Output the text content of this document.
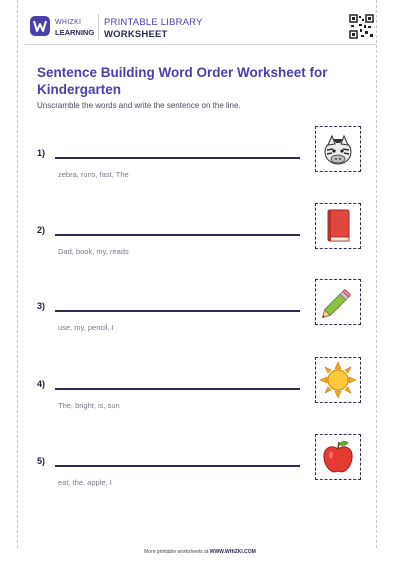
WHIZKI
LEARNING
PRINTABLE LIBRARY
WORKSHEET
Sentence Building Word Order Worksheet for Kindergarten
Unscramble the words and write the sentence on the line.
1)
zebra, runs, fast, The
2)
Dad, book, my, reads
3)
use, my, pencil, I
4)
The, bright, is, sun
5)
eat, the, apple, I
More printable worksheets at WWW.WHIZKI.COM
